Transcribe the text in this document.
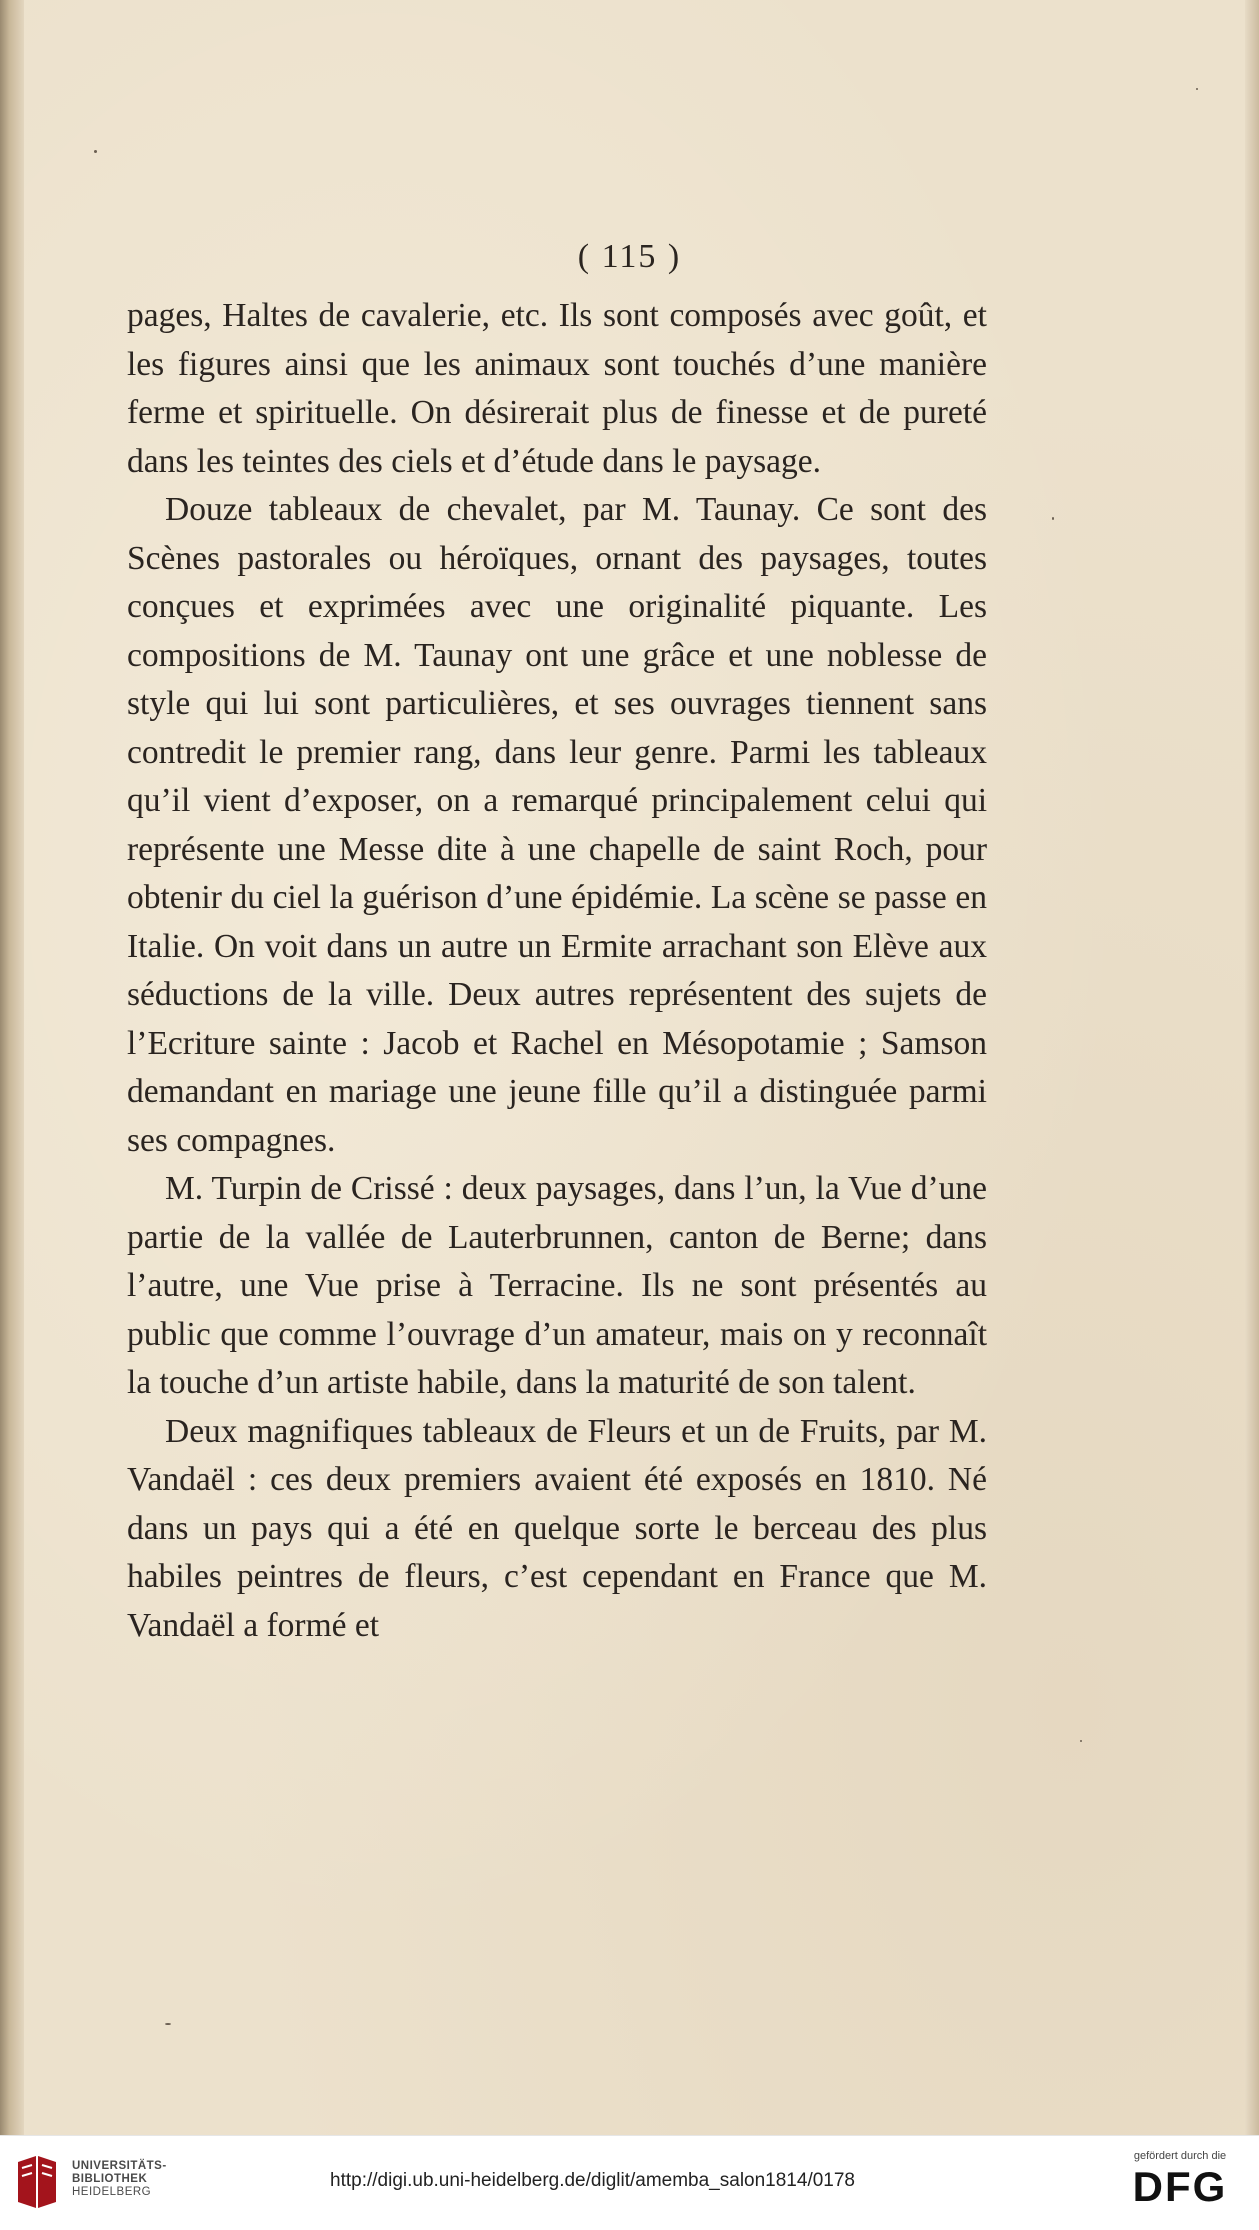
( 115 )

pages, Haltes de cavalerie, etc. Ils sont composés avec goût, et les figures ainsi que les animaux sont touchés d’une manière ferme et spirituelle. On désirerait plus de finesse et de pureté dans les teintes des ciels et d’étude dans le paysage.

Douze tableaux de chevalet, par M. Taunay. Ce sont des Scènes pastorales ou héroïques, ornant des paysages, toutes conçues et exprimées avec une originalité piquante. Les compositions de M. Taunay ont une grâce et une noblesse de style qui lui sont particulières, et ses ouvrages tiennent sans contredit le premier rang, dans leur genre. Parmi les tableaux qu’il vient d’exposer, on a remarqué principalement celui qui représente une Messe dite à une chapelle de saint Roch, pour obtenir du ciel la guérison d’une épidémie. La scène se passe en Italie. On voit dans un autre un Ermite arrachant son Elève aux séductions de la ville. Deux autres représentent des sujets de l’Ecriture sainte : Jacob et Rachel en Mésopotamie ; Samson demandant en mariage une jeune fille qu’il a distinguée parmi ses compagnes.

M. Turpin de Crissé : deux paysages, dans l’un, la Vue d’une partie de la vallée de Lauterbrunnen, canton de Berne; dans l’autre, une Vue prise à Terracine. Ils ne sont présentés au public que comme l’ouvrage d’un amateur, mais on y reconnaît la touche d’un artiste habile, dans la maturité de son talent.

Deux magnifiques tableaux de Fleurs et un de Fruits, par M. Vandaël : ces deux premiers avaient été exposés en 1810. Né dans un pays qui a été en quelque sorte le berceau des plus habiles peintres de fleurs, c’est cependant en France que M. Vandaël a formé et

UNIVERSITÄTS-
BIBLIOTHEK
HEIDELBERG
http://digi.ub.uni-heidelberg.de/diglit/amemba_salon1814/0178
gefördert durch die
DFG
